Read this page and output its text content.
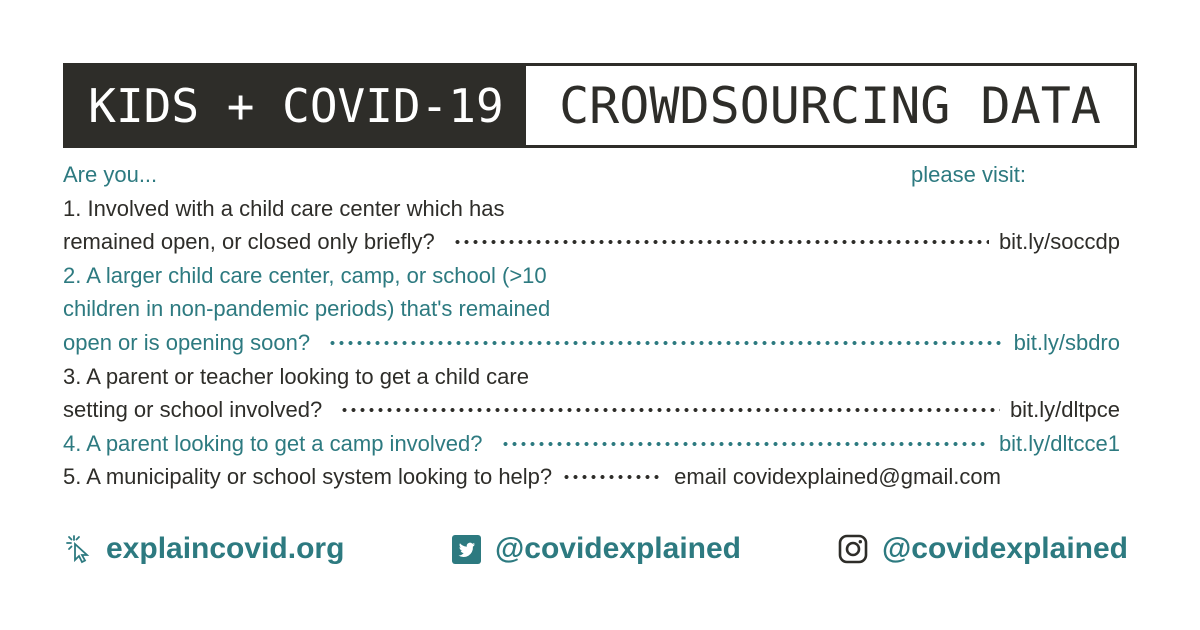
KIDS + COVID-19	CROWDSOURCING DATA
Are you...	please visit:
1. Involved with a child care center which has
remained open, or closed only briefly?	bit.ly/soccdp
2. A larger child care center, camp, or school (>10
children in non-pandemic periods) that's remained
open or is opening soon?	bit.ly/sbdro
3. A parent or teacher looking to get a child care
setting or school involved?	bit.ly/dltpce
4. A parent looking to get a camp involved?	bit.ly/dltcce1
5. A municipality or school system looking to help?	email covidexplained@gmail.com
explaincovid.org	@covidexplained	@covidexplained
